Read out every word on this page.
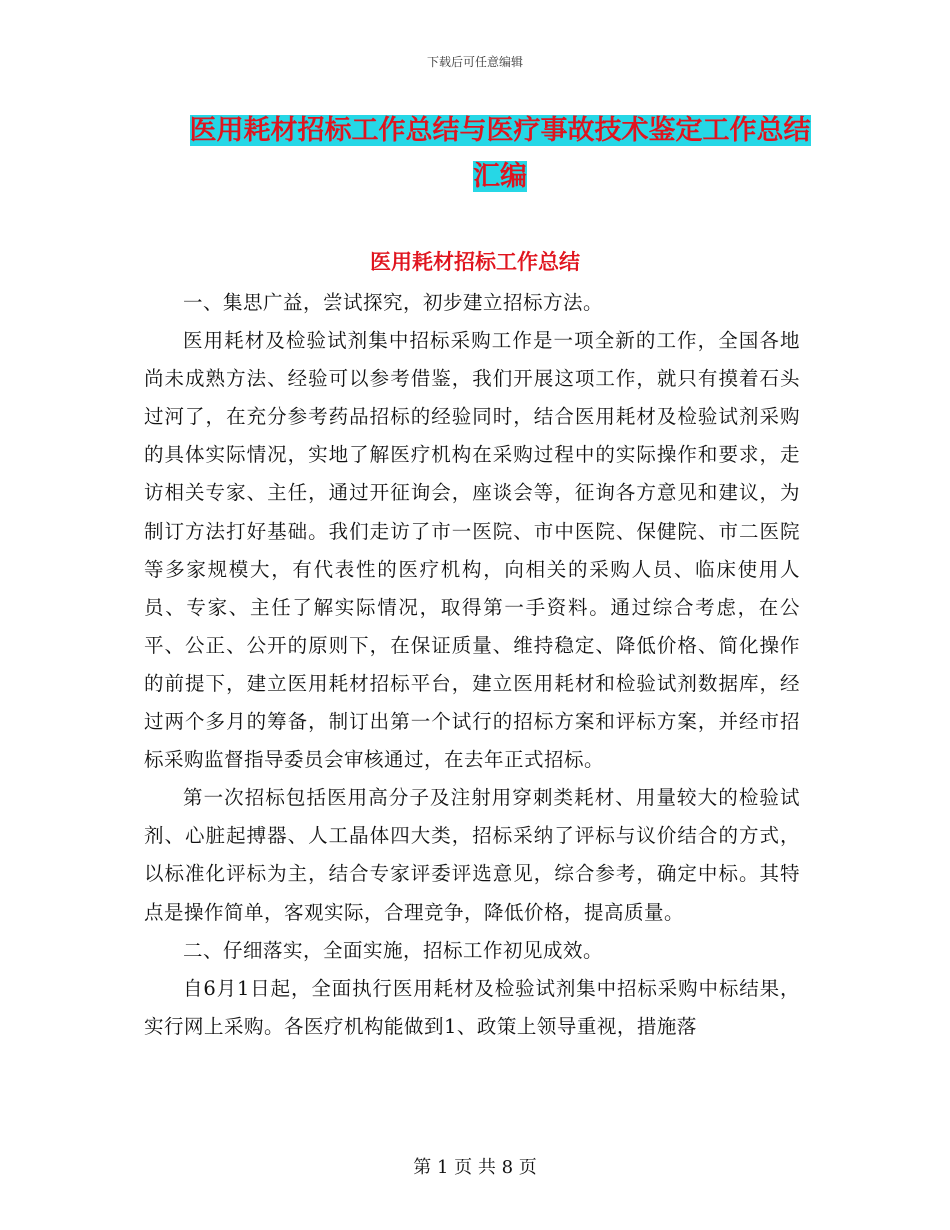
下载后可任意编辑
医用耗材招标工作总结与医疗事故技术鉴定工作总结
汇编
医用耗材招标工作总结

一、集思广益，尝试探究，初步建立招标方法。

医用耗材及检验试剂集中招标采购工作是一项全新的工作，全国各地尚未成熟方法、经验可以参考借鉴，我们开展这项工作，就只有摸着石头过河了，在充分参考药品招标的经验同时，结合医用耗材及检验试剂采购的具体实际情况，实地了解医疗机构在采购过程中的实际操作和要求，走访相关专家、主任，通过开征询会，座谈会等，征询各方意见和建议，为制订方法打好基础。我们走访了市一医院、市中医院、保健院、市二医院等多家规模大，有代表性的医疗机构，向相关的采购人员、临床使用人员、专家、主任了解实际情况，取得第一手资料。通过综合考虑，在公平、公正、公开的原则下，在保证质量、维持稳定、降低价格、简化操作的前提下，建立医用耗材招标平台，建立医用耗材和检验试剂数据库，经过两个多月的筹备，制订出第一个试行的招标方案和评标方案，并经市招标采购监督指导委员会审核通过，在去年正式招标。

第一次招标包括医用高分子及注射用穿刺类耗材、用量较大的检验试剂、心脏起搏器、人工晶体四大类，招标采纳了评标与议价结合的方式，以标准化评标为主，结合专家评委评选意见，综合参考，确定中标。其特点是操作简单，客观实际，合理竞争，降低价格，提高质量。

二、仔细落实，全面实施，招标工作初见成效。

自6月1日起，全面执行医用耗材及检验试剂集中招标采购中标结果，实行网上采购。各医疗机构能做到1、政策上领导重视，措施落

第 1 页 共 8 页
